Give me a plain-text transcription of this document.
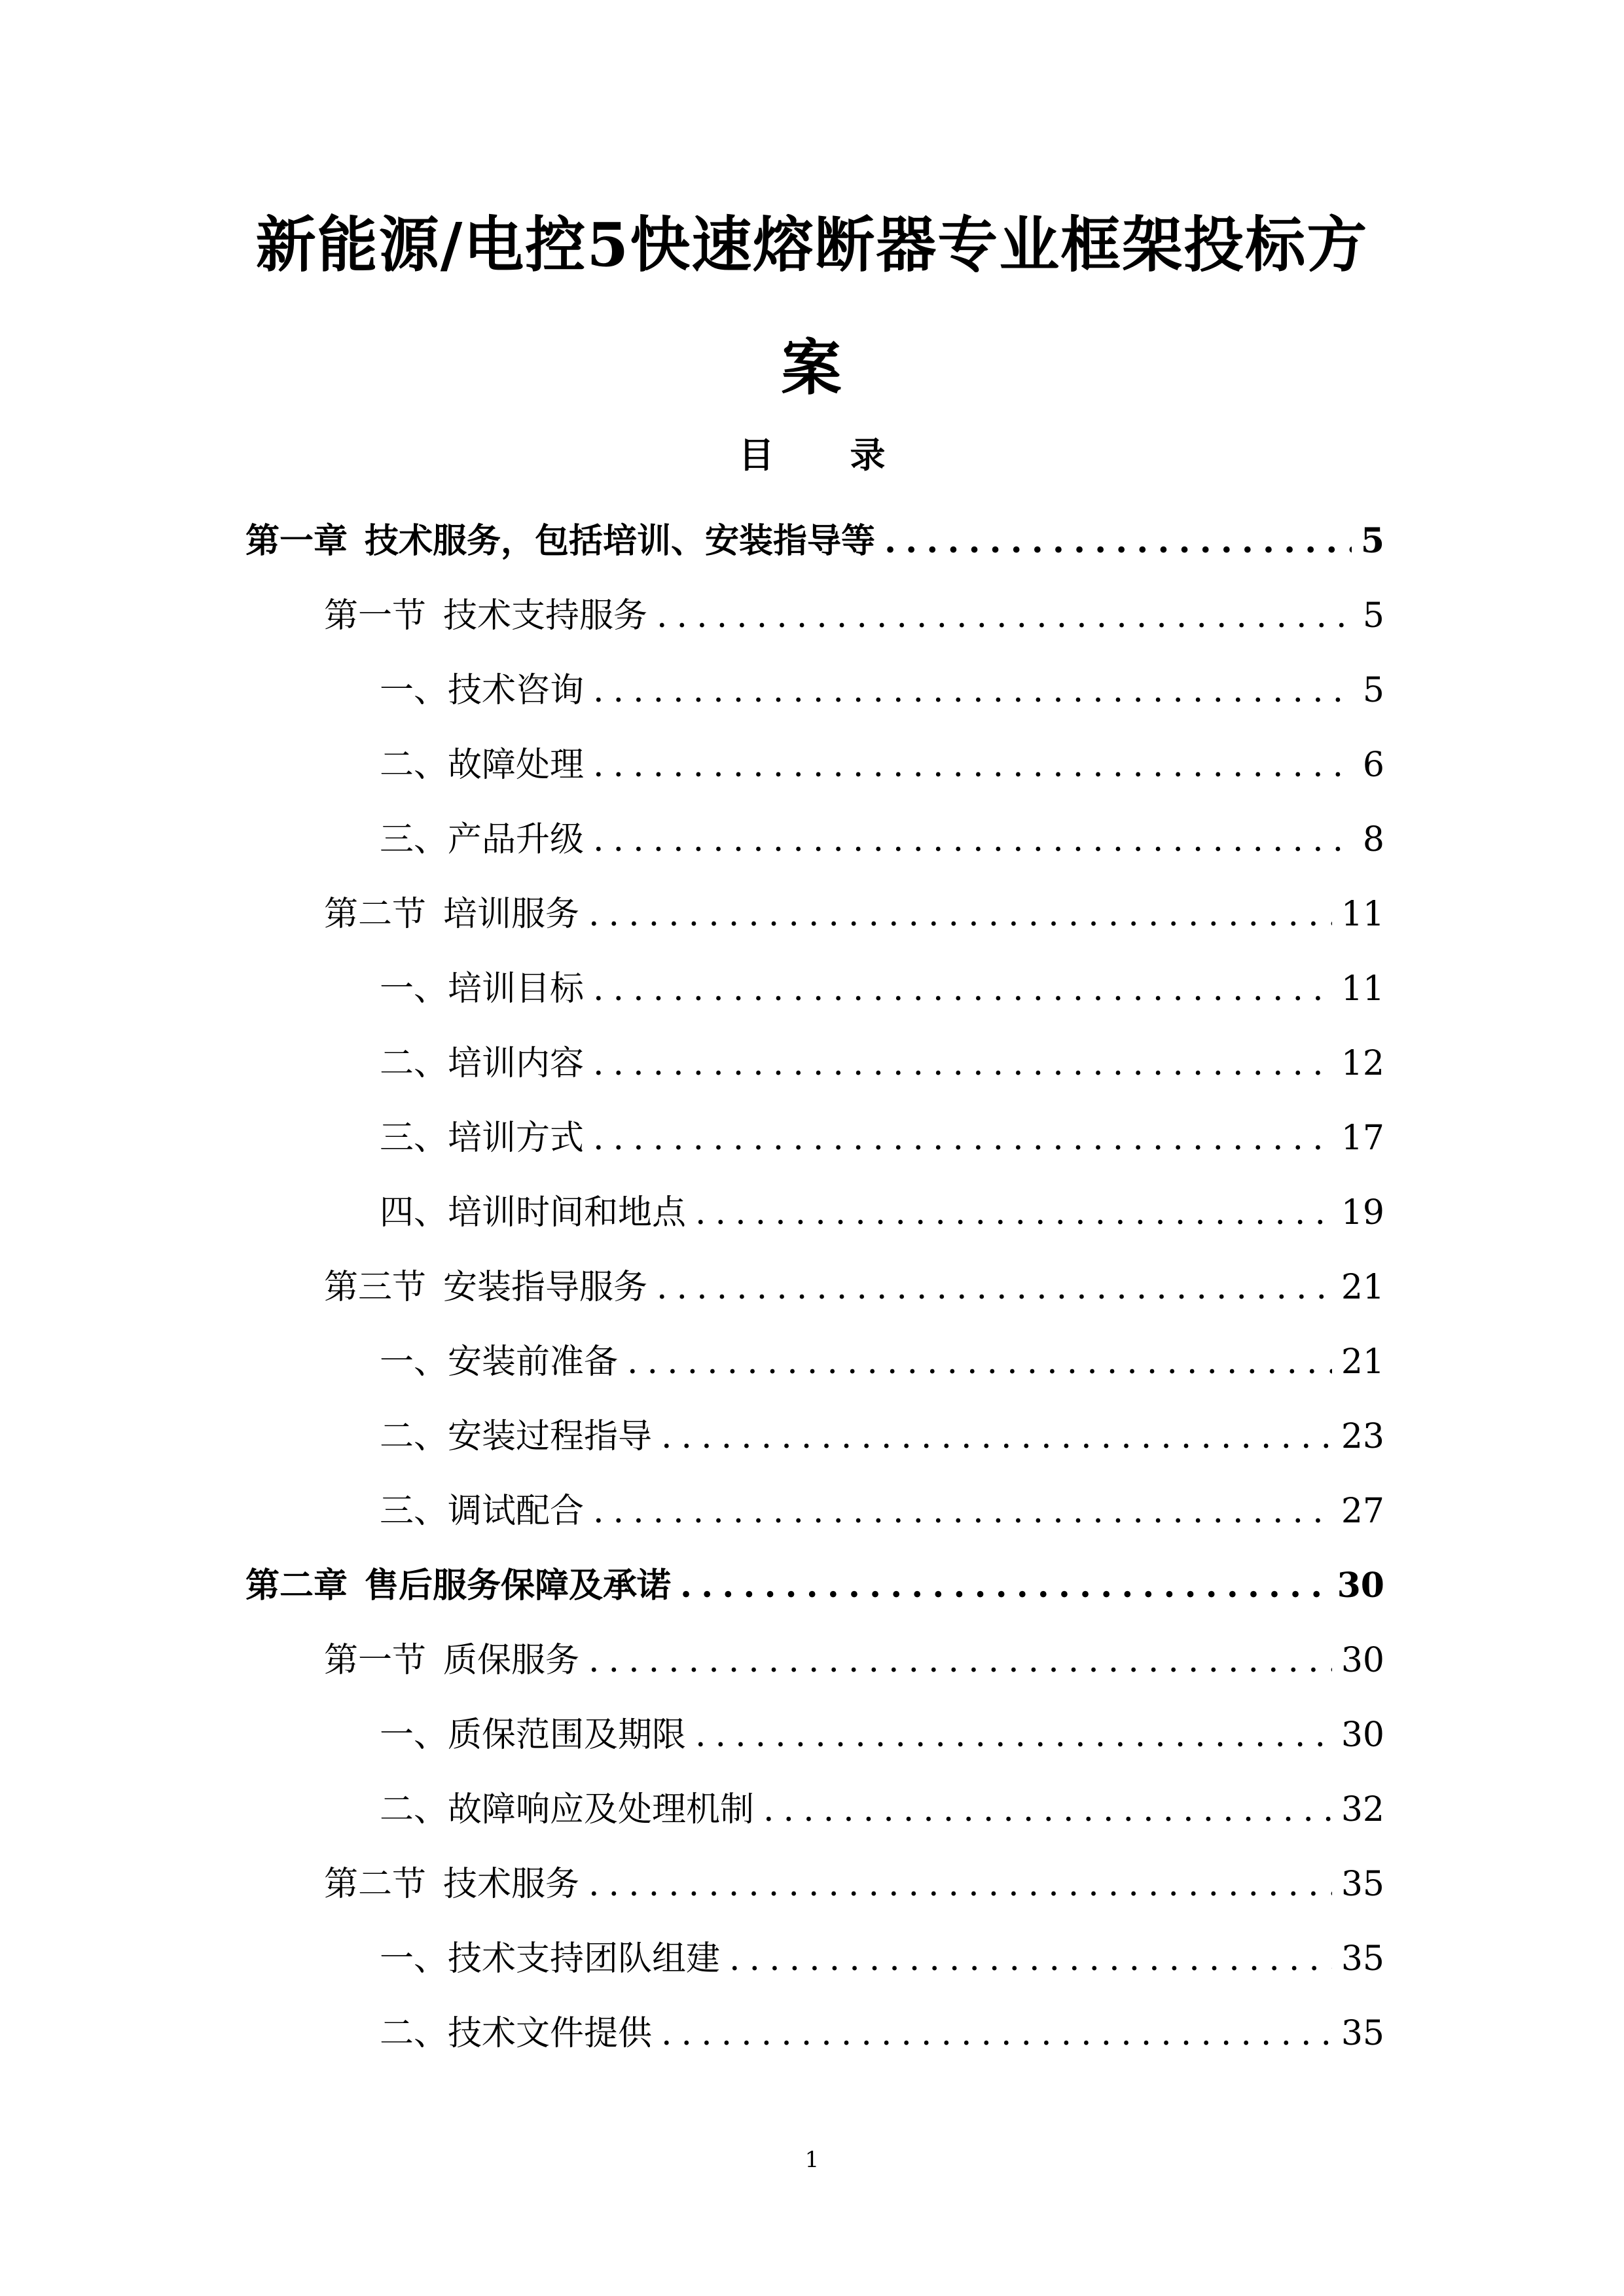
新能源/电控5快速熔断器专业框架投标方案
目 录
第一章 技术服务，包括培训、安装指导等 .....	5
第一节 技术支持服务 .....	5
一、技术咨询 .....	5
二、故障处理 .....	6
三、产品升级 .....	8
第二节 培训服务 .....	11
一、培训目标 .....	11
二、培训内容 .....	12
三、培训方式 .....	17
四、培训时间和地点 .....	19
第三节 安装指导服务 .....	21
一、安装前准备 .....	21
二、安装过程指导 .....	23
三、调试配合 .....	27
第二章 售后服务保障及承诺 .....	30
第一节 质保服务 .....	30
一、质保范围及期限 .....	30
二、故障响应及处理机制 .....	32
第二节 技术服务 .....	35
一、技术支持团队组建 .....	35
二、技术文件提供 .....	35
1
